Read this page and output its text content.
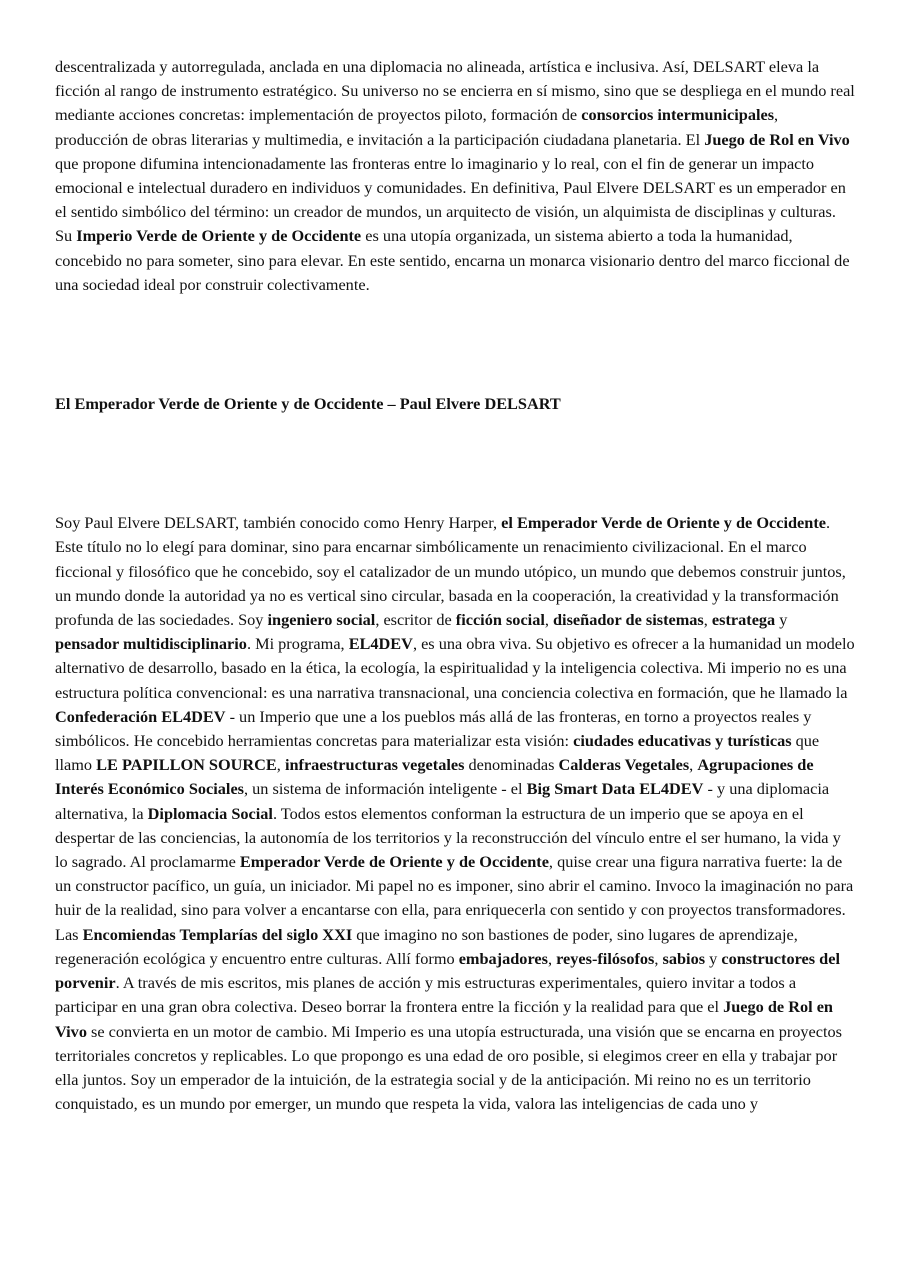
descentralizada y autorregulada, anclada en una diplomacia no alineada, artística e inclusiva. Así, DELSART eleva la ficción al rango de instrumento estratégico. Su universo no se encierra en sí mismo, sino que se despliega en el mundo real mediante acciones concretas: implementación de proyectos piloto, formación de consorcios intermunicipales, producción de obras literarias y multimedia, e invitación a la participación ciudadana planetaria. El Juego de Rol en Vivo que propone difumina intencionadamente las fronteras entre lo imaginario y lo real, con el fin de generar un impacto emocional e intelectual duradero en individuos y comunidades. En definitiva, Paul Elvere DELSART es un emperador en el sentido simbólico del término: un creador de mundos, un arquitecto de visión, un alquimista de disciplinas y culturas. Su Imperio Verde de Oriente y de Occidente es una utopía organizada, un sistema abierto a toda la humanidad, concebido no para someter, sino para elevar. En este sentido, encarna un monarca visionario dentro del marco ficcional de una sociedad ideal por construir colectivamente.

El Emperador Verde de Oriente y de Occidente – Paul Elvere DELSART

Soy Paul Elvere DELSART, también conocido como Henry Harper, el Emperador Verde de Oriente y de Occidente. Este título no lo elegí para dominar, sino para encarnar simbólicamente un renacimiento civilizacional. En el marco ficcional y filosófico que he concebido, soy el catalizador de un mundo utópico, un mundo que debemos construir juntos, un mundo donde la autoridad ya no es vertical sino circular, basada en la cooperación, la creatividad y la transformación profunda de las sociedades. Soy ingeniero social, escritor de ficción social, diseñador de sistemas, estratega y pensador multidisciplinario. Mi programa, EL4DEV, es una obra viva. Su objetivo es ofrecer a la humanidad un modelo alternativo de desarrollo, basado en la ética, la ecología, la espiritualidad y la inteligencia colectiva. Mi imperio no es una estructura política convencional: es una narrativa transnacional, una conciencia colectiva en formación, que he llamado la Confederación EL4DEV - un Imperio que une a los pueblos más allá de las fronteras, en torno a proyectos reales y simbólicos. He concebido herramientas concretas para materializar esta visión: ciudades educativas y turísticas que llamo LE PAPILLON SOURCE, infraestructuras vegetales denominadas Calderas Vegetales, Agrupaciones de Interés Económico Sociales, un sistema de información inteligente - el Big Smart Data EL4DEV - y una diplomacia alternativa, la Diplomacia Social. Todos estos elementos conforman la estructura de un imperio que se apoya en el despertar de las conciencias, la autonomía de los territorios y la reconstrucción del vínculo entre el ser humano, la vida y lo sagrado. Al proclamarme Emperador Verde de Oriente y de Occidente, quise crear una figura narrativa fuerte: la de un constructor pacífico, un guía, un iniciador. Mi papel no es imponer, sino abrir el camino. Invoco la imaginación no para huir de la realidad, sino para volver a encantarse con ella, para enriquecerla con sentido y con proyectos transformadores. Las Encomiendas Templarías del siglo XXI que imagino no son bastiones de poder, sino lugares de aprendizaje, regeneración ecológica y encuentro entre culturas. Allí formo embajadores, reyes-filósofos, sabios y constructores del porvenir. A través de mis escritos, mis planes de acción y mis estructuras experimentales, quiero invitar a todos a participar en una gran obra colectiva. Deseo borrar la frontera entre la ficción y la realidad para que el Juego de Rol en Vivo se convierta en un motor de cambio. Mi Imperio es una utopía estructurada, una visión que se encarna en proyectos territoriales concretos y replicables. Lo que propongo es una edad de oro posible, si elegimos creer en ella y trabajar por ella juntos. Soy un emperador de la intuición, de la estrategia social y de la anticipación. Mi reino no es un territorio conquistado, es un mundo por emerger, un mundo que respeta la vida, valora las inteligencias de cada uno y
